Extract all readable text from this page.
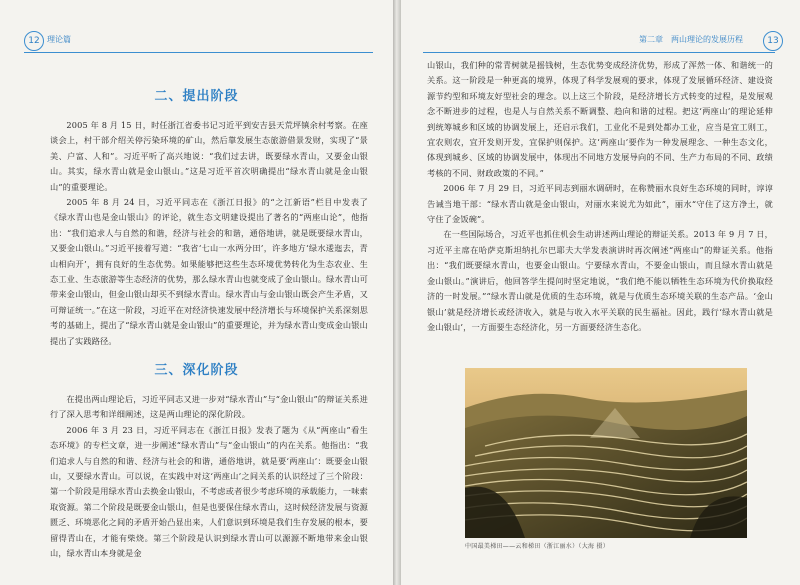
12 理论篇
二、提出阶段

2005 年 8 月 15 日，时任浙江省委书记习近平到安吉县天荒坪镇余村考察。在座谈会上，村干部介绍关停污染环境的矿山，然后靠发展生态旅游借景发财，实现了“景美、户富、人和”。习近平听了高兴地说：“我们过去讲，既要绿水青山，又要金山银山。其实，绿水青山就是金山银山。”这是习近平首次明确提出“绿水青山就是金山银山”的重要理论。

2005 年 8 月 24 日，习近平同志在《浙江日报》的“之江新语”栏目中发表了《绿水青山也是金山银山》的评论，就生态文明建设提出了著名的“两座山论”，他指出：“我们追求人与自然的和谐，经济与社会的和谐，通俗地讲，就是既要绿水青山，又要金山银山。”习近平接着写道：“我省‘七山一水两分田’，许多地方‘绿水逶迤去，青山相向开’，拥有良好的生态优势。如果能够把这些生态环境优势转化为生态农业、生态工业、生态旅游等生态经济的优势，那么绿水青山也就变成了金山银山。绿水青山可带来金山银山，但金山银山却买不到绿水青山。绿水青山与金山银山既会产生矛盾，又可辩证统一。”在这一阶段，习近平在对经济快速发展中经济增长与环境保护关系深刻思考的基础上，提出了“绿水青山就是金山银山”的重要理论，并为绿水青山变成金山银山提出了实践路径。

三、深化阶段

在提出两山理论后，习近平同志又进一步对“绿水青山”与“金山银山”的辩证关系进行了深入思考和详细阐述，这是两山理论的深化阶段。

2006 年 3 月 23 日，习近平同志在《浙江日报》发表了题为《从“两座山”看生态环境》的专栏文章，进一步阐述“绿水青山”与“金山银山”的内在关系。他指出：“我们追求人与自然的和谐、经济与社会的和谐，通俗地讲，就是要‘两座山’：既要金山银山，又要绿水青山。可以说，在实践中对这‘两座山’之间关系的认识经过了三个阶段：第一个阶段是用绿水青山去换金山银山，不考虑或者很少考虑环境的承载能力，一味索取资源。第二个阶段是既要金山银山，但是也要保住绿水青山，这时候经济发展与资源匮乏、环境恶化之间的矛盾开始凸显出来，人们意识到环境是我们生存发展的根本，要留得青山在，才能有柴烧。第三个阶段是认识到绿水青山可以源源不断地带来金山银山，绿水青山本身就是金

第二章　两山理论的发展历程	13

山银山，我们种的常青树就是摇钱树，生态优势变成经济优势，形成了浑然一体、和谐统一的关系。这一阶段是一种更高的境界，体现了科学发展观的要求，体现了发展循环经济、建设资源节约型和环境友好型社会的理念。以上这三个阶段，是经济增长方式转变的过程，是发展观念不断进步的过程，也是人与自然关系不断调整、趋向和谐的过程。把这‘两座山’的理论延伸到统筹城乡和区域的协调发展上，还启示我们，工业化不是到处都办工业，应当是宜工则工，宜农则农，宜开发则开发，宜保护则保护。这‘两座山’要作为一种发展理念、一种生态文化，体现到城乡、区域的协调发展中，体现出不同地方发展导向的不同、生产力布局的不同、政绩考核的不同、财政政策的不同。”

2006 年 7 月 29 日，习近平同志到丽水调研时，在称赞丽水良好生态环境的同时，谆谆告诫当地干部：“绿水青山就是金山银山，对丽水来说尤为如此”，丽水“守住了这方净土，就守住了金饭碗”。

在一些国际场合，习近平也抓住机会生动讲述两山理论的辩证关系。2013 年 9 月 7 日，习近平主席在哈萨克斯坦纳扎尔巴耶夫大学发表演讲时再次阐述“两座山”的辩证关系。他指出：“我们既要绿水青山，也要金山银山。宁要绿水青山，不要金山银山，而且绿水青山就是金山银山。”演讲后，他回答学生提问时坚定地说，“我们绝不能以牺牲生态环境为代价换取经济的一时发展。”“绿水青山就是优质的生态环境，就是与优质生态环境关联的生态产品。‘金山银山’就是经济增长或经济收入，就是与收入水平关联的民生福祉。因此，践行‘绿水青山就是金山银山’，一方面要生态经济化，另一方面要经济生态化。

中国最美梯田——云和梯田（浙江丽水）（大海 摄）
